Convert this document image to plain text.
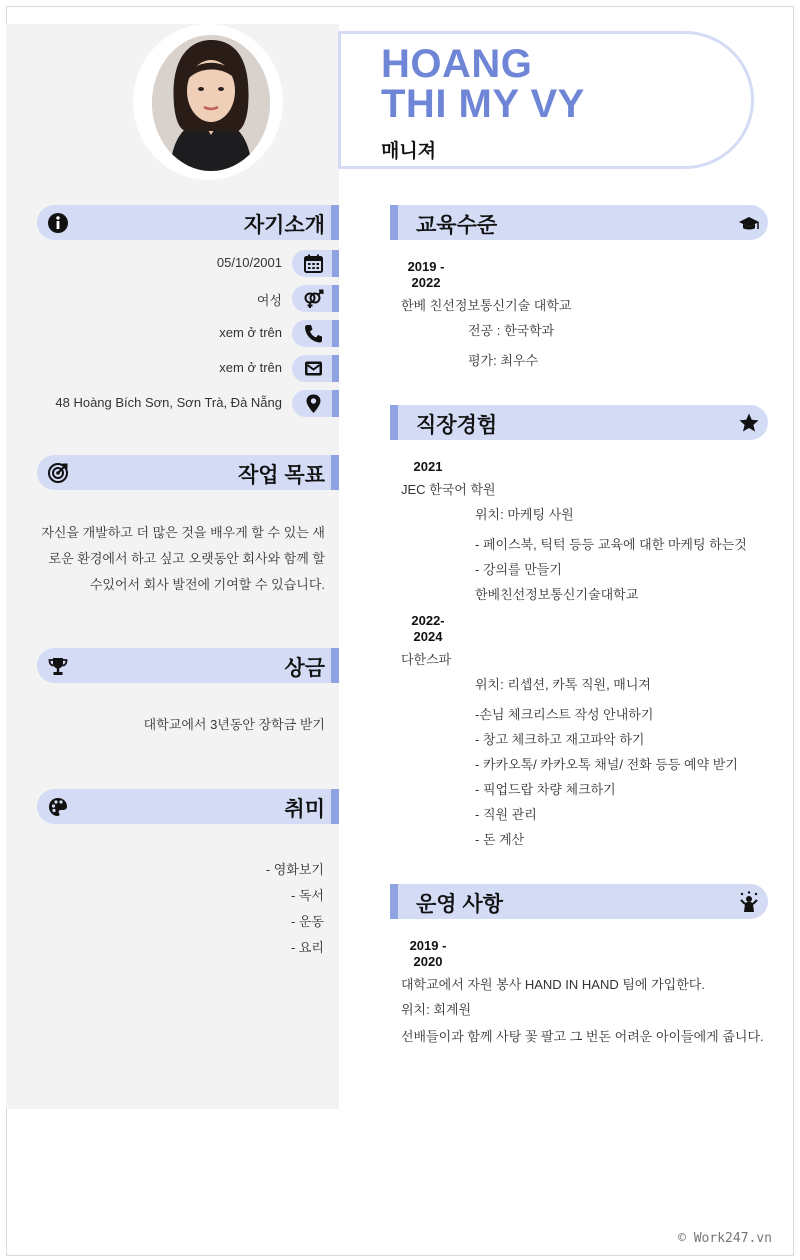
HOANG
THI MY VY
매니져
자기소개
05/10/2001
여성
xem ở trên
xem ở trên
48 Hoàng Bích Sơn, Sơn Trà, Đà Nẵng
작업 목표
자신을 개발하고 더 많은 것을 배우게 할 수 있는 새로운 환경에서 하고 싶고 오랫동안 회사와 함께 할 수있어서 회사 발전에 기여할 수 있습니다.
상금
대학교에서 3년동안 장학금 받기
취미
- 영화보기
- 독서
- 운동
- 요리
교육수준
2019 - 2022
한베 친선정보통신기술 대학교
전공 : 한국학과
평가: 최우수
직장경험
2021
JEC 한국어 학원
위치: 마케팅 사원
- 페이스북, 틱턱 등등 교육에 대한 마케팅 하는것
- 강의를 만들기
한베친선정보통신기술대학교
2022- 2024
다한스파
위치: 리셉션, 카톡 직원, 매니져
-손님 체크리스트 작성 안내하기
- 창고 체크하고 재고파악 하기
- 카카오톡/ 카카오톡 채널/ 전화 등등 예약 받기
- 픽업드랍 차량 체크하기
- 직원 관리
- 돈 계산
운영 사항
2019 - 2020
대학교에서 자원 봉사 HAND IN HAND 팀에 가입한다.
위치: 회계원
선배들이과 함께 사탕 꽃 팔고 그 번돈 어려운 아이들에게 줍니다.
© Work247.vn
